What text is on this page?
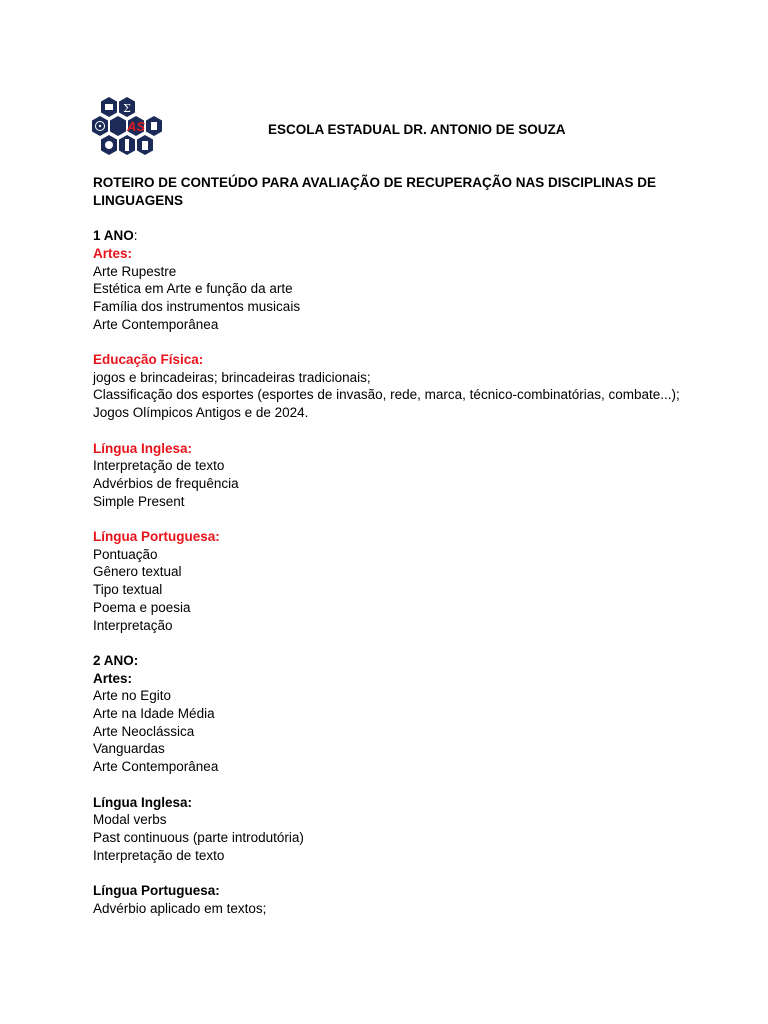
Σ
AS	ESCOLA ESTADUAL DR. ANTONIO DE SOUZA
ROTEIRO DE CONTEÚDO PARA AVALIAÇÃO DE RECUPERAÇÃO NAS DISCIPLINAS DE LINGUAGENS
1 ANO:
Artes:
Arte Rupestre
Estética em Arte e função da arte
Família dos instrumentos musicais
Arte Contemporânea
Educação Física:
jogos e brincadeiras; brincadeiras tradicionais;
Classificação dos esportes (esportes de invasão, rede, marca, técnico-combinatórias, combate...);
Jogos Olímpicos Antigos e de 2024.
Língua Inglesa:
Interpretação de texto
Advérbios de frequência
Simple Present
Língua Portuguesa:
Pontuação
Gênero textual
Tipo textual
Poema e poesia
Interpretação
2 ANO:
Artes:
Arte no Egito
Arte na Idade Média
Arte Neoclássica
Vanguardas
Arte Contemporânea
Língua Inglesa:
Modal verbs
Past continuous (parte introdutória)
Interpretação de texto
Língua Portuguesa:
Advérbio aplicado em textos;
